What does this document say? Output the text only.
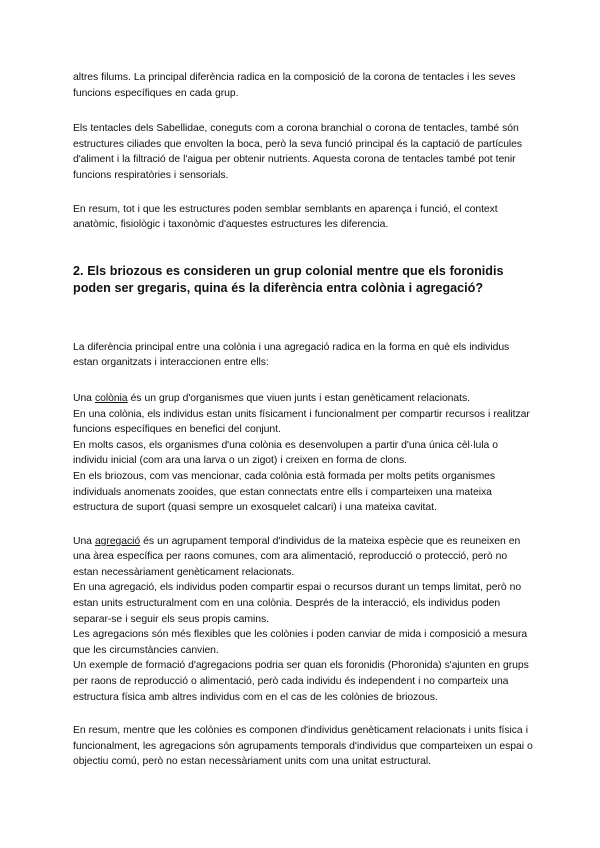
altres filums. La principal diferència radica en la composició de la corona de tentacles i les seves funcions específiques en cada grup.

Els tentacles dels Sabellidae, coneguts com a corona branchial o corona de tentacles, també són estructures ciliades que envolten la boca, però la seva funció principal és la captació de partícules d'aliment i la filtració de l'aigua per obtenir nutrients. Aquesta corona de tentacles també pot tenir funcions respiratòries i sensorials.

En resum, tot i que les estructures poden semblar semblants en aparença i funció, el context anatòmic, fisiològic i taxonòmic d'aquestes estructures les diferencia.

2. Els briozous es consideren un grup colonial mentre que els foronidis poden ser gregaris, quina és la diferència entra colònia i agregació?

La diferència principal entre una colònia i una agregació radica en la forma en què els individus estan organitzats i interaccionen entre ells:

Una colònia és un grup d'organismes que viuen junts i estan genèticament relacionats.

En una colònia, els individus estan units físicament i funcionalment per compartir recursos i realitzar funcions específiques en benefici del conjunt.

En molts casos, els organismes d'una colònia es desenvolupen a partir d'una única cèl·lula o individu inicial (com ara una larva o un zigot) i creixen en forma de clons.

En els briozous, com vas mencionar, cada colònia està formada per molts petits organismes individuals anomenats zooides, que estan connectats entre ells i comparteixen una mateixa estructura de suport (quasi sempre un exosquelet calcari) i una mateixa cavitat.

Una agregació és un agrupament temporal d'individus de la mateixa espècie que es reuneixen en una àrea específica per raons comunes, com ara alimentació, reproducció o protecció, però no estan necessàriament genèticament relacionats.

En una agregació, els individus poden compartir espai o recursos durant un temps limitat, però no estan units estructuralment com en una colònia. Després de la interacció, els individus poden separar-se i seguir els seus propis camins.

Les agregacions són més flexibles que les colònies i poden canviar de mida i composició a mesura que les circumstàncies canvien.

Un exemple de formació d'agregacions podria ser quan els foronidis (Phoronida) s'ajunten en grups per raons de reproducció o alimentació, però cada individu és independent i no comparteix una estructura física amb altres individus com en el cas de les colònies de briozous.

En resum, mentre que les colònies es componen d'individus genèticament relacionats i units física i funcionalment, les agregacions són agrupaments temporals d'individus que comparteixen un espai o objectiu comú, però no estan necessàriament units com una unitat estructural.
